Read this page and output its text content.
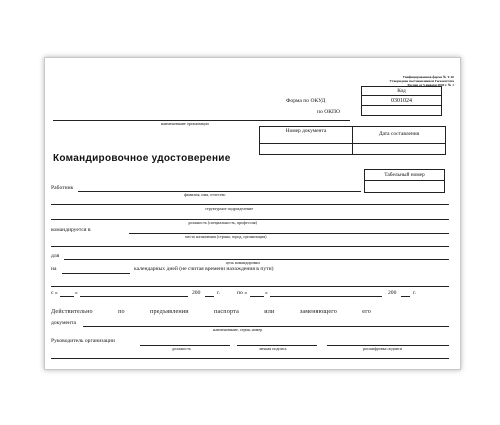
Унифицированная форма № Т-10
Утверждена постановлением Госкомстата
России от 5 января 2004 г. № 1
Код
0301024
Форма по ОКУД
по ОКПО
наименование организации
Номер документа	Дата составления
Командировочное удостоверение
Табельный номер
Работник
фамилия, имя, отчество
структурное подразделение
должность (специальность, профессия)
командируется в
место назначения (страна, город, организация)
для
цель командировки
на	календарных дней (не считая времени нахождения в пути)
с «	»	200	г.	по «	»	200	г.
Действительно по предъявлении паспорта или заменяющего его
документа
наименование, серия, номер
Руководитель организации
должность	личная подпись	расшифровка подписи
